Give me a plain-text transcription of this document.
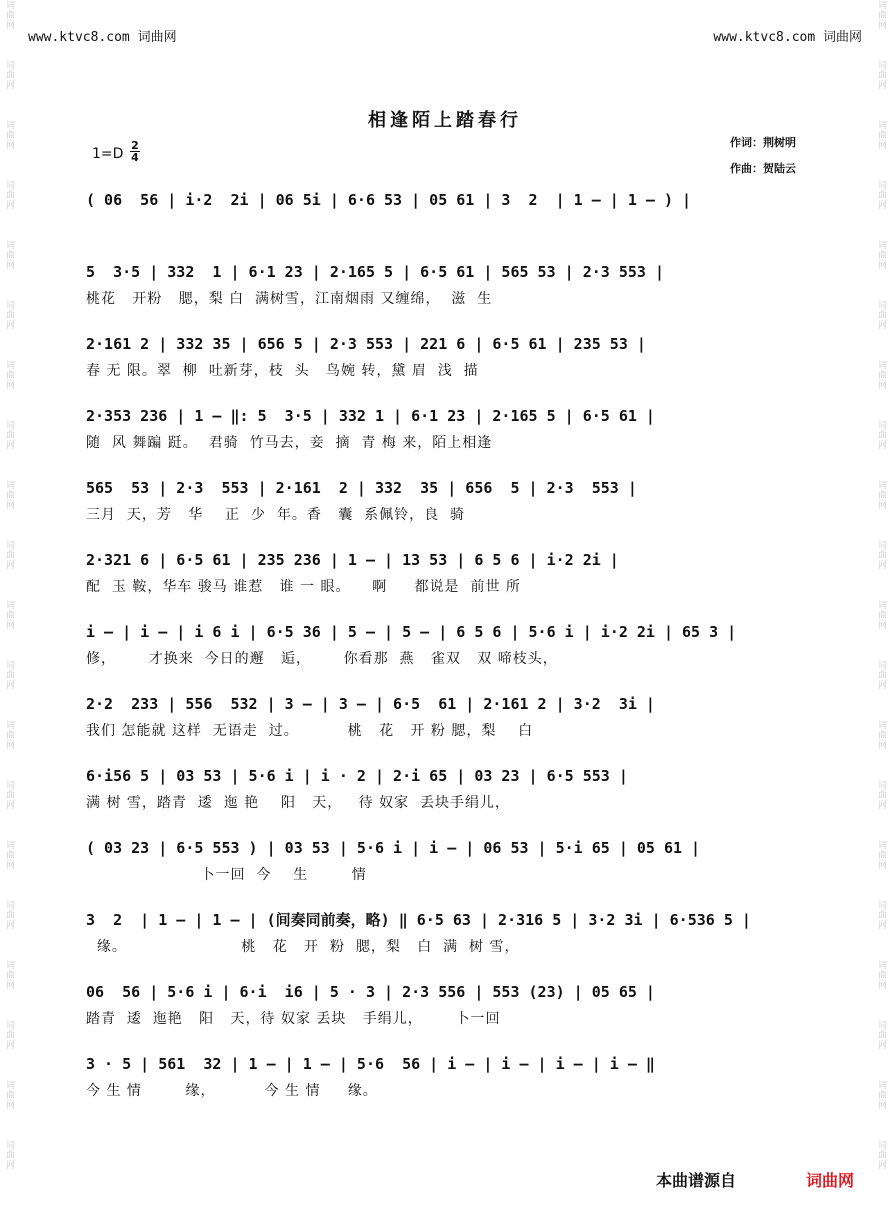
词曲网
词曲网
词曲网
词曲网
词曲网
词曲网
词曲网
词曲网
词曲网
词曲网
词曲网
词曲网
词曲网
词曲网
词曲网
词曲网
词曲网
词曲网
词曲网
词曲网
词曲网
词曲网
词曲网
词曲网
词曲网
词曲网
词曲网
词曲网
词曲网
词曲网
词曲网
词曲网
词曲网
词曲网
词曲网
词曲网
词曲网
词曲网
词曲网
词曲网
www.ktvc8.com 词曲网	www.ktvc8.com 词曲网
相逢陌上踏春行
1=D
2
4
作词：荆树明
作曲：贺陆云
( 06  56 | i·2  2i | 06 5i | 6·6 53 | 05 61 | 3  2  | 1 — | 1 — ) |
5  3·5 | 332  1 | 6·1 23 | 2·165 5 | 6·5 61 | 565 53 | 2·3 553 |
桃花   开粉   腮，梨 白  满树雪，江南烟雨 又缠绵，  滋  生
2·161 2 | 332 35 | 656 5 | 2·3 553 | 221 6 | 6·5 61 | 235 53 |
春 无 限。翠  柳  吐新芽，枝  头   鸟婉 转，黛 眉  浅  描
2·353 236 | 1 — ‖: 5  3·5 | 332 1 | 6·1 23 | 2·165 5 | 6·5 61 |
随  风 舞蹁 跹。  君骑  竹马去，妾  摘  青 梅 来，陌上相逢
565  53 | 2·3  553 | 2·161  2 | 332  35 | 656  5 | 2·3  553 |
三月  天，芳   华    正  少  年。香   囊  系佩铃，良  骑
2·321 6 | 6·5 61 | 235 236 | 1 — | 13 53 | 6 5 6 | i·2 2i |
配  玉 鞍，华车 骏马 谁惹   谁 一 眼。    啊     都说是  前世 所
i — | i — | i 6 i | 6·5 36 | 5 — | 5 — | 6 5 6 | 5·6 i | i·2 2i | 65 3 |
修，      才换来  今日的邂   逅，      你看那  燕   雀双   双 啼枝头，
2·2  233 | 556  532 | 3 — | 3 — | 6·5  61 | 2·161 2 | 3·2  3i |
我们 怎能就 这样  无语走  过。         桃   花   开 粉 腮，梨    白
6·i56 5 | 03 53 | 5·6 i | i · 2 | 2·i 65 | 03 23 | 6·5 553 |
满 树 雪，踏青  逶  迤 艳    阳   天，   待 奴家  丢块手绢儿，
( 03 23 | 6·5 553 ) | 03 53 | 5·6 i | i — | 06 53 | 5·i 65 | 05 61 |
卜一回  今    生        情
3  2  | 1 — | 1 — | (间奏同前奏，略) ‖ 6·5 63 | 2·316 5 | 3·2 3i | 6·536 5 |
缘。                     桃   花   开  粉  腮，梨   白  满  树 雪，
06  56 | 5·6 i | 6·i  i6 | 5 · 3 | 2·3 556 | 553 (23) | 05 65 |
踏青  逶  迤艳   阳   天，待 奴家 丢块   手绢儿，      卜一回
3 · 5 | 561  32 | 1 — | 1 — | 5·6  56 | i — | i — | i — | i — ‖
今 生 情        缘，         今 生 情     缘。
本曲谱源自	词曲网
